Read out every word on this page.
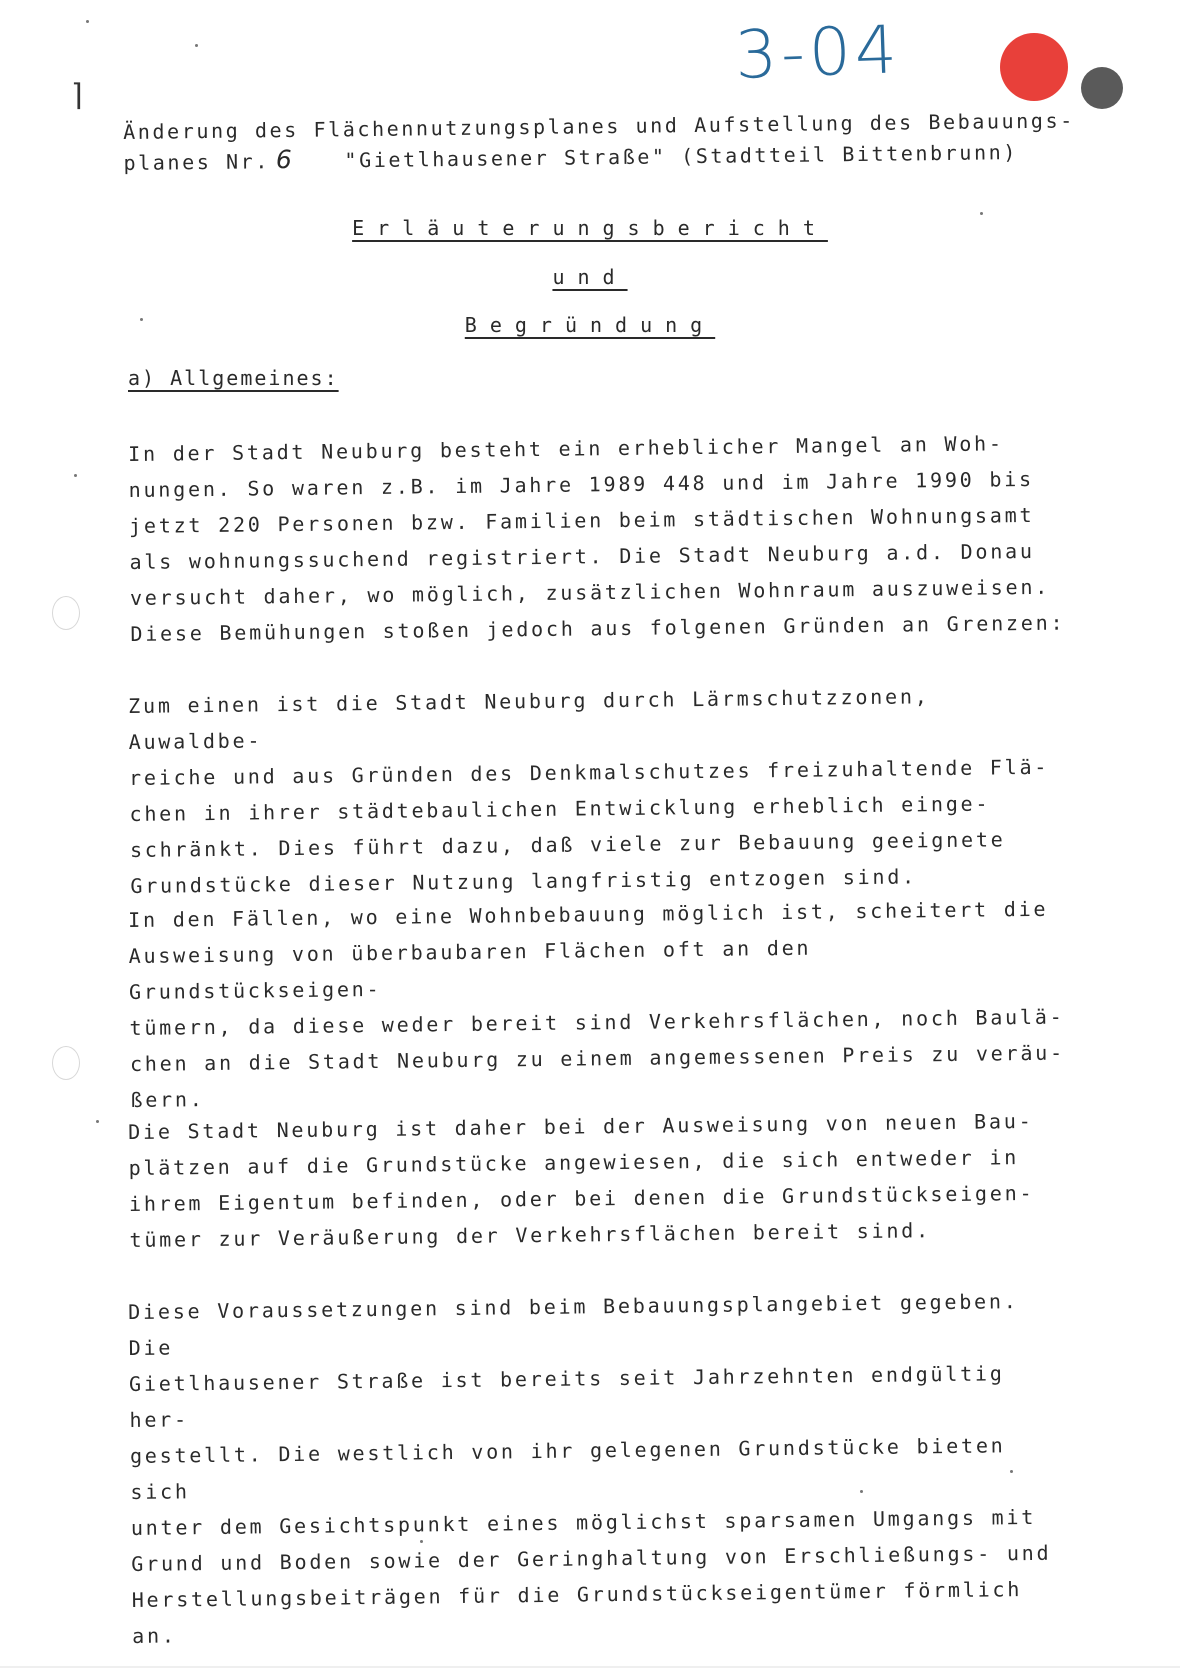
3-04
⌉
Änderung des Flächennutzungsplanes und Aufstellung des Bebauungs-
planes Nr. 6 "Gietlhausener Straße" (Stadtteil Bittenbrunn)
Erläuterungsbericht
und
Begründung
a) Allgemeines:

In der Stadt Neuburg besteht ein erheblicher Mangel an Woh-
nungen. So waren z.B. im Jahre 1989 448 und im Jahre 1990 bis
jetzt 220 Personen bzw. Familien beim städtischen Wohnungsamt
als wohnungssuchend registriert. Die Stadt Neuburg a.d. Donau
versucht daher, wo möglich, zusätzlichen Wohnraum auszuweisen.
Diese Bemühungen stoßen jedoch aus folgenen Gründen an Grenzen:

Zum einen ist die Stadt Neuburg durch Lärmschutzzonen, Auwaldbe-
reiche und aus Gründen des Denkmalschutzes freizuhaltende Flä-
chen in ihrer städtebaulichen Entwicklung erheblich einge-
schränkt. Dies führt dazu, daß viele zur Bebauung geeignete
Grundstücke dieser Nutzung langfristig entzogen sind.

In den Fällen, wo eine Wohnbebauung möglich ist, scheitert die
Ausweisung von überbaubaren Flächen oft an den Grundstückseigen-
tümern, da diese weder bereit sind Verkehrsflächen, noch Baulä-
chen an die Stadt Neuburg zu einem angemessenen Preis zu veräu-
ßern.

Die Stadt Neuburg ist daher bei der Ausweisung von neuen Bau-
plätzen auf die Grundstücke angewiesen, die sich entweder in
ihrem Eigentum befinden, oder bei denen die Grundstückseigen-
tümer zur Veräußerung der Verkehrsflächen bereit sind.

Diese Voraussetzungen sind beim Bebauungsplangebiet gegeben. Die
Gietlhausener Straße ist bereits seit Jahrzehnten endgültig her-
gestellt. Die westlich von ihr gelegenen Grundstücke bieten sich
unter dem Gesichtspunkt eines möglichst sparsamen Umgangs mit
Grund und Boden sowie der Geringhaltung von Erschließungs- und
Herstellungsbeiträgen für die Grundstückseigentümer förmlich an.
